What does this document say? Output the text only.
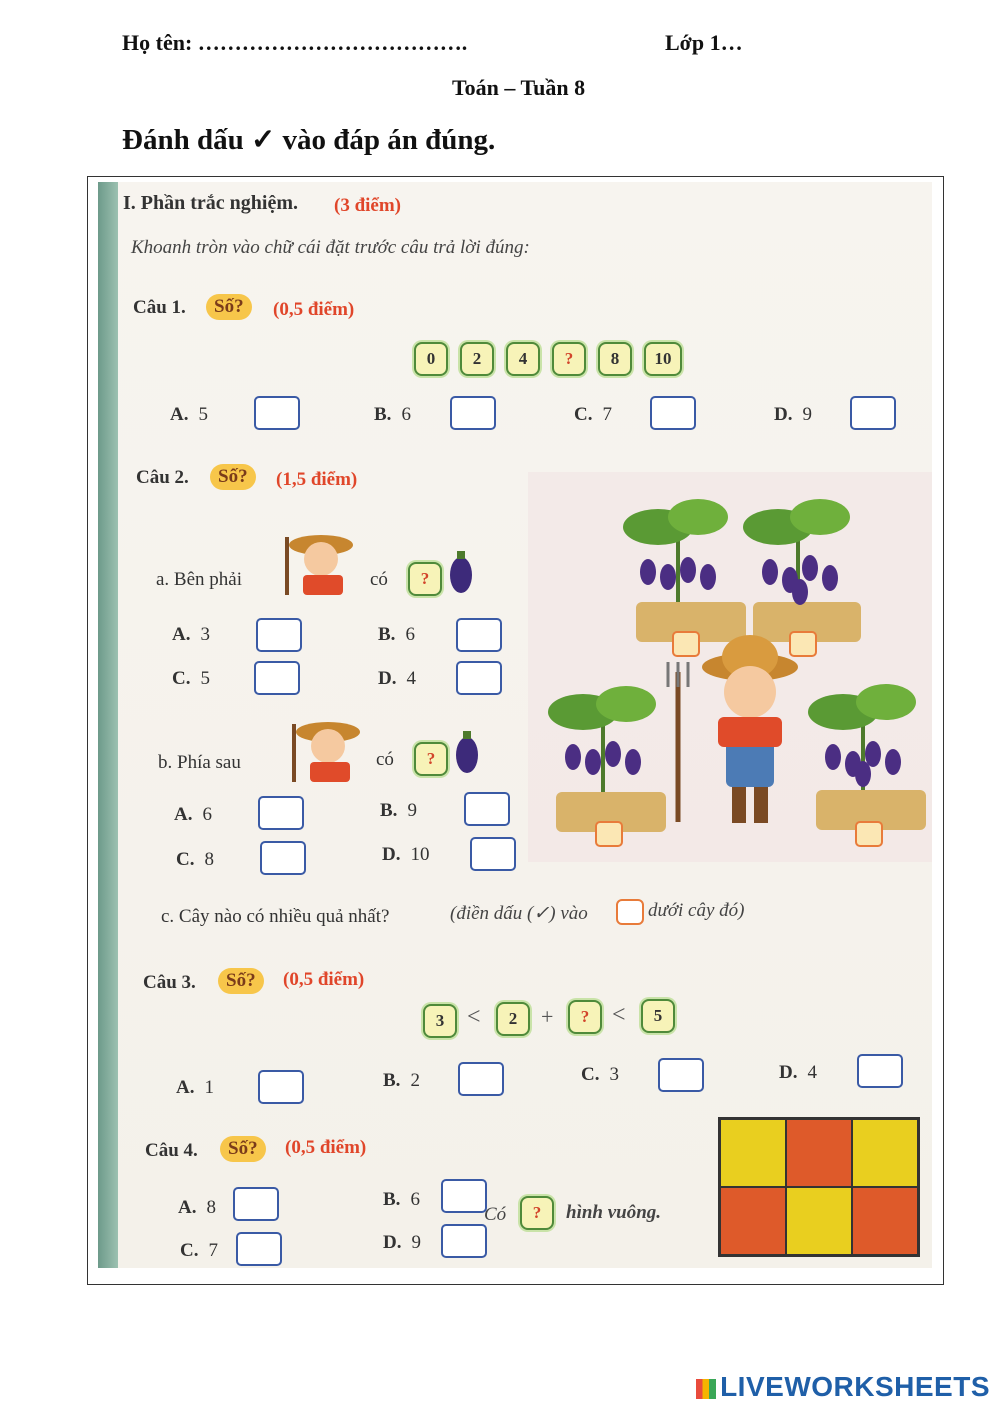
Họ tên: ……………………………….	Lớp 1…
Toán – Tuần 8
Đánh dấu ✓ vào đáp án đúng.
I. Phần trắc nghiệm. (3 điểm)
Khoanh tròn vào chữ cái đặt trước câu trả lời đúng:
Câu 1.	Số?	(0,5 điểm)
0	2	4	?	8	10
A. 5	B. 6	C. 7	D. 9
Câu 2.	Số?	(1,5 điểm)
a. Bên phải	có	?
A. 3	B. 6
C. 5	D. 4
b. Phía sau	có	?
A. 6	B. 9
C. 8	D. 10
c. Cây nào có nhiều quả nhất?	(điền dấu (✓) vào	dưới cây đó)
Câu 3.	Số?	(0,5 điểm)
3 <	2	+	? <	5
A. 1	B. 2	C. 3	D. 4
Câu 4.	Số?	(0,5 điểm)
A. 8	B. 6
C. 7	D. 9
Có	?	hình vuông.
LIVEWORKSHEETS
